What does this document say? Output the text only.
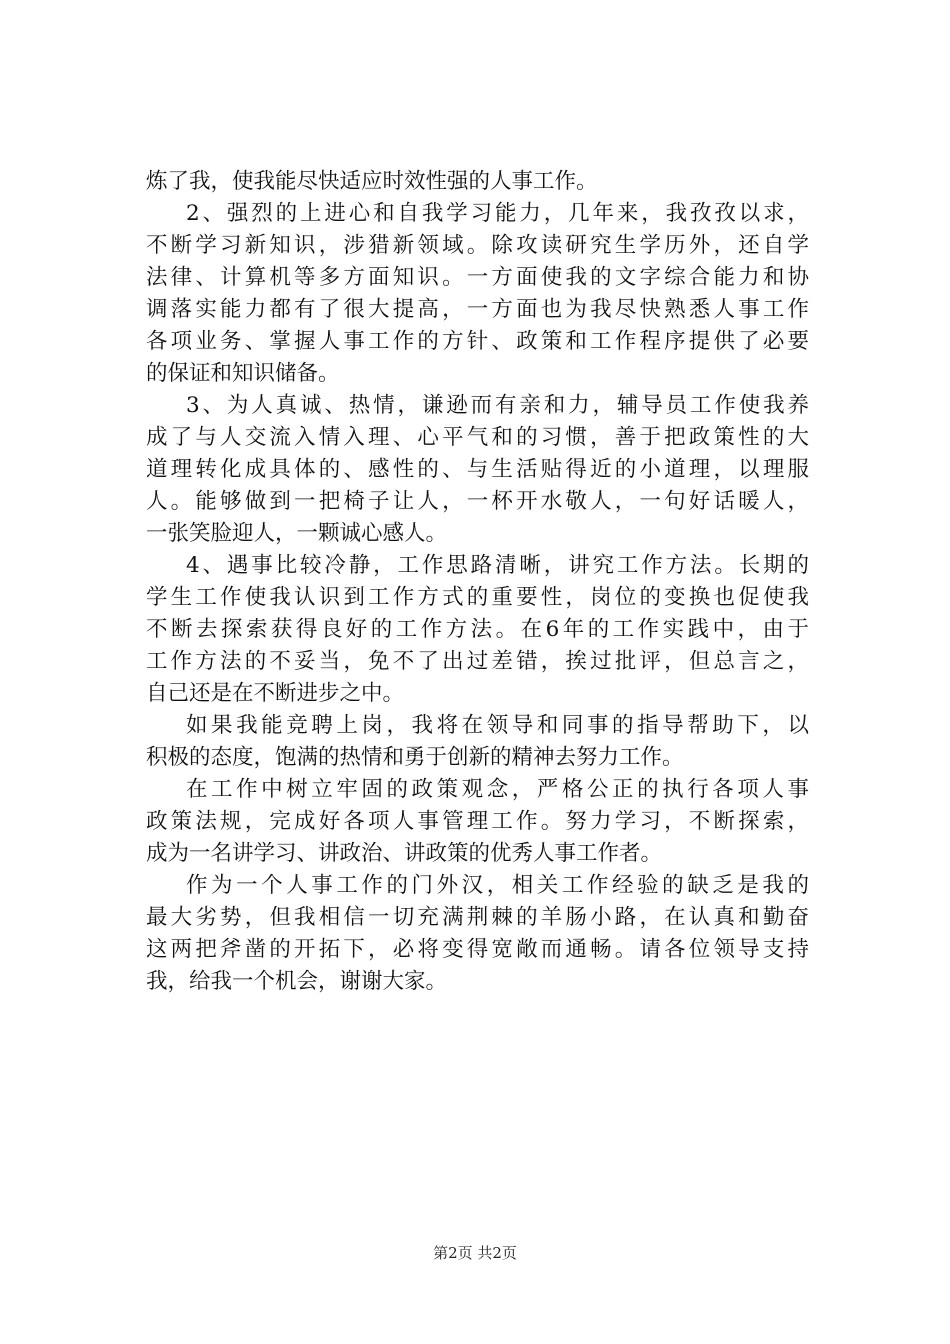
炼了我，使我能尽快适应时效性强的人事工作。
2、强烈的上进心和自我学习能力，几年来，我孜孜以求，
不断学习新知识，涉猎新领域。除攻读研究生学历外，还自学
法律、计算机等多方面知识。一方面使我的文字综合能力和协
调落实能力都有了很大提高，一方面也为我尽快熟悉人事工作
各项业务、掌握人事工作的方针、政策和工作程序提供了必要
的保证和知识储备。
3、为人真诚、热情，谦逊而有亲和力，辅导员工作使我养
成了与人交流入情入理、心平气和的习惯，善于把政策性的大
道理转化成具体的、感性的、与生活贴得近的小道理，以理服
人。能够做到一把椅子让人，一杯开水敬人，一句好话暖人，
一张笑脸迎人，一颗诚心感人。
4、遇事比较冷静，工作思路清晰，讲究工作方法。长期的
学生工作使我认识到工作方式的重要性，岗位的变换也促使我
不断去探索获得良好的工作方法。在6年的工作实践中，由于
工作方法的不妥当，免不了出过差错，挨过批评，但总言之，
自己还是在不断进步之中。
如果我能竞聘上岗，我将在领导和同事的指导帮助下，以
积极的态度，饱满的热情和勇于创新的精神去努力工作。
在工作中树立牢固的政策观念，严格公正的执行各项人事
政策法规，完成好各项人事管理工作。努力学习，不断探索，
成为一名讲学习、讲政治、讲政策的优秀人事工作者。
作为一个人事工作的门外汉，相关工作经验的缺乏是我的
最大劣势，但我相信一切充满荆棘的羊肠小路，在认真和勤奋
这两把斧凿的开拓下，必将变得宽敞而通畅。请各位领导支持
我，给我一个机会，谢谢大家。
第2页 共2页
